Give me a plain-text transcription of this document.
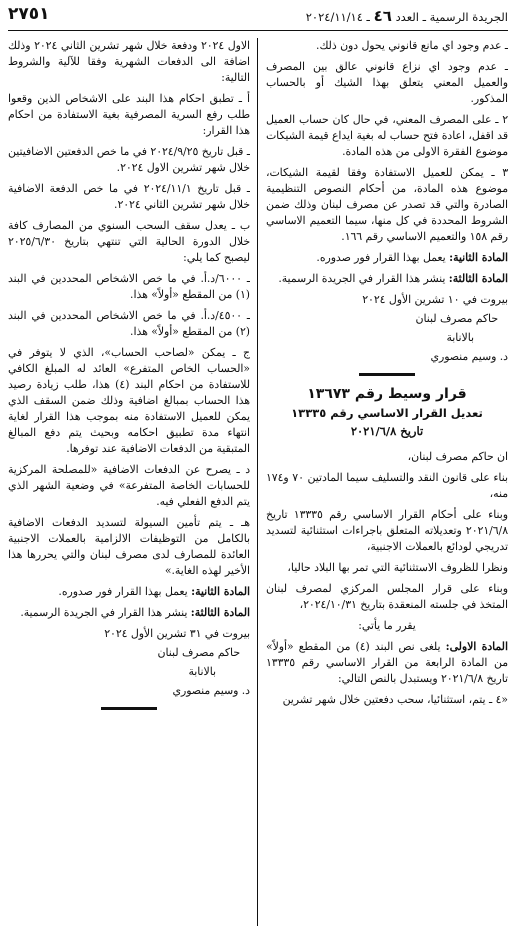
٢٧٥١	الجريدة الرسمية ـ العدد ٤٦ ـ ٢٠٢٤/١١/١٤

ـ عدم وجود اي مانع قانوني يحول دون ذلك.

ـ عدم وجود اي نزاع قانوني عالق بين المصرف والعميل المعني يتعلق بهذا الشيك أو بالحساب المذكور.

٢ ـ على المصرف المعني، في حال كان حساب العميل قد اقفل، اعادة فتح حساب له بغية ايداع قيمة الشيكات موضوع الفقرة الاولى من هذه المادة.

٣ ـ يمكن للعميل الاستفادة وفقا لقيمة الشيكات، موضوع هذه المادة، من أحكام النصوص التنظيمية الصادرة والتي قد تصدر عن مصرف لبنان وذلك ضمن الشروط المحددة في كل منها، سيما التعميم الاساسي رقم ١٥٨ والتعميم الاساسي رقم ١٦٦.

المادة الثانية: يعمل بهذا القرار فور صدوره.

المادة الثالثة: ينشر هذا القرار في الجريدة الرسمية.

بيروت في ١٠ تشرين الأول ٢٠٢٤

حاكم مصرف لبنان

بالانابة

د. وسيم منصوري

قرار وسيط رقم ١٣٦٧٣
تعديل القرار الاساسي رقم ١٣٣٣٥
تاريخ ٢٠٢١/٦/٨

ان حاكم مصرف لبنان،

بناء على قانون النقد والتسليف سيما المادتين ٧٠ و١٧٤ منه،

وبناء على أحكام القرار الاساسي رقم ١٣٣٣٥ تاريخ ٢٠٢١/٦/٨ وتعديلاته المتعلق باجراءات استثنائية لتسديد تدريجي لودائع بالعملات الاجنبية،

ونظرا للظروف الاستثنائية التي تمر بها البلاد حاليا،

وبناء على قرار المجلس المركزي لمصرف لبنان المتخذ في جلسته المنعقدة بتاريخ ٢٠٢٤/١٠/٣١،

يقرر ما يأتي:

المادة الاولى: يلغى نص البند (٤) من المقطع «أولاً» من المادة الرابعة من القرار الاساسي رقم ١٣٣٣٥ تاريخ ٢٠٢١/٦/٨ ويستبدل بالنص التالي:

«٤ ـ يتم، استثنائيا، سحب دفعتين خلال شهر تشرين

الاول ٢٠٢٤ ودفعة خلال شهر تشرين الثاني ٢٠٢٤ وذلك اضافة الى الدفعات الشهرية وفقا للآلية والشروط التالية:

أ ـ تطبق احكام هذا البند على الاشخاص الذين وقعوا طلب رفع السرية المصرفية بغية الاستفادة من احكام هذا القرار:

ـ قبل تاريخ ٢٠٢٤/٩/٢٥ في ما خص الدفعتين الاضافيتين خلال شهر تشرين الاول ٢٠٢٤.

ـ قبل تاريخ ٢٠٢٤/١١/١ في ما خص الدفعة الاضافية خلال شهر تشرين الثاني ٢٠٢٤.

ب ـ يعدل سقف السحب السنوي من المصارف كافة خلال الدورة الحالية التي تنتهي بتاريخ ٢٠٢٥/٦/٣٠ ليصبح كما يلي:

ـ ٦٠٠٠/د.أ. في ما خص الاشخاص المحددين في البند (١) من المقطع «أولاً» هذا.

ـ ٤٥٠٠/د.أ. في ما خص الاشخاص المحددين في البند (٢) من المقطع «أولاً» هذا.

ج ـ يمكن «لصاحب الحساب»، الذي لا يتوفر في «الحساب الخاص المتفرع» العائد له المبلغ الكافي للاستفادة من احكام البند (٤) هذا، طلب زيادة رصيد هذا الحساب بمبالغ اضافية وذلك ضمن السقف الذي يمكن للعميل الاستفادة منه بموجب هذا القرار لغاية انتهاء مدة تطبيق احكامه وبحيث يتم دفع المبالغ المتبقية من الدفعات الاضافية عند توفرها.

د ـ يصرح عن الدفعات الاضافية «للمصلحة المركزية للحسابات الخاصة المتفرعة» في وضعية الشهر الذي يتم الدفع الفعلي فيه.

هـ ـ يتم تأمين السيولة لتسديد الدفعات الاضافية بالكامل من التوظيفات الالزامية بالعملات الاجنبية العائدة للمصارف لدى مصرف لبنان والتي يحررها هذا الأخير لهذه الغاية.»

المادة الثانية: يعمل بهذا القرار فور صدوره.

المادة الثالثة: ينشر هذا القرار في الجريدة الرسمية.

بيروت في ٣١ تشرين الأول ٢٠٢٤

حاكم مصرف لبنان

بالانابة

د. وسيم منصوري
